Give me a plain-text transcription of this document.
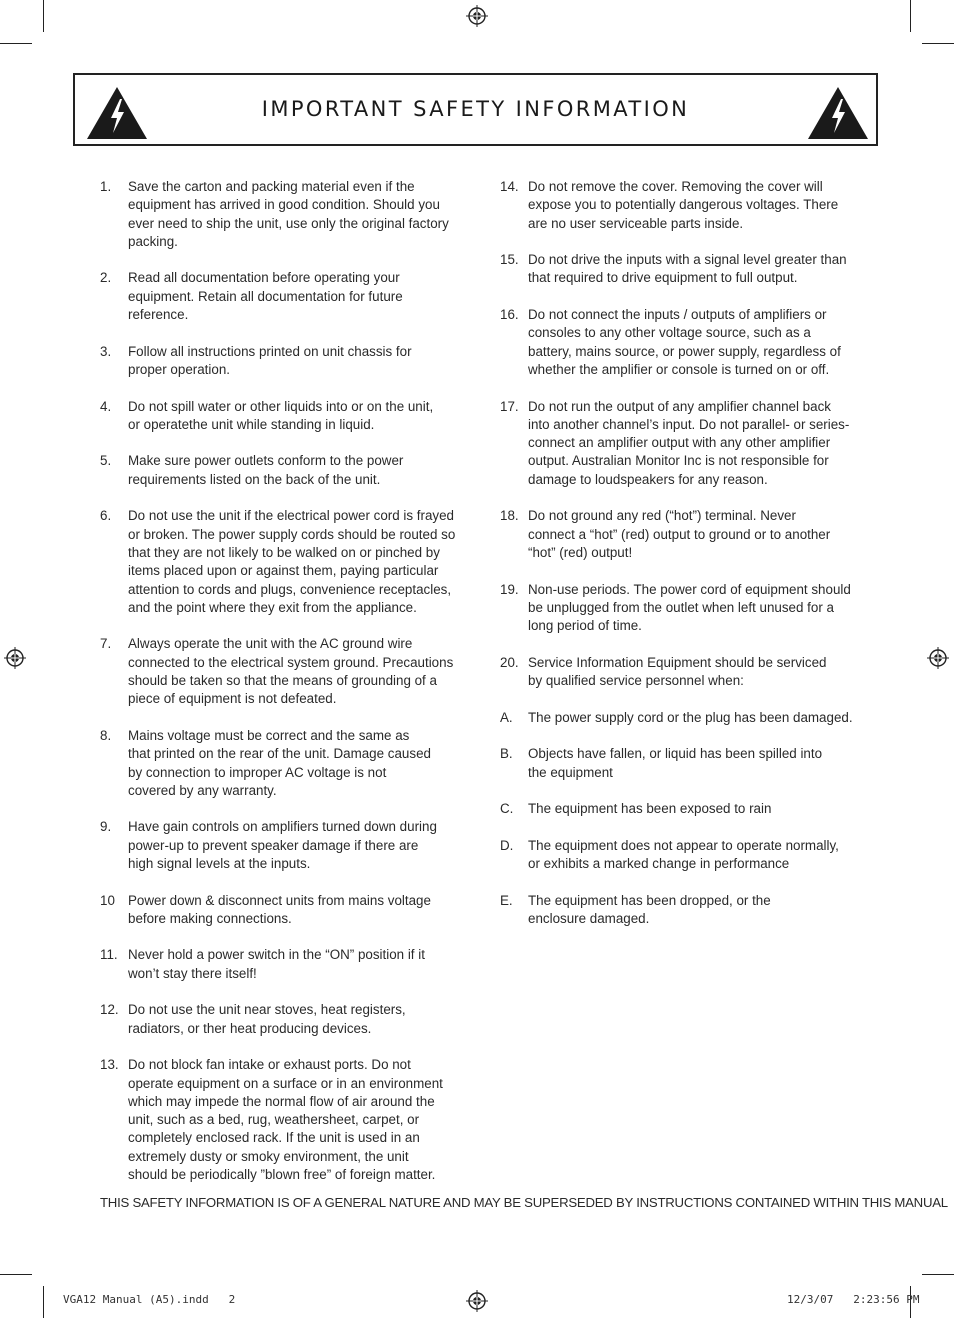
IMPORTANT SAFETY INFORMATION
1. Save the carton and packing material even if the equipment has arrived in good condition. Should you ever need to ship the unit, use only the original factory packing.
2. Read all documentation before operating your equipment. Retain all documentation for future reference.
3. Follow all instructions printed on unit chassis for proper operation.
4. Do not spill water or other liquids into or on the unit, or operatethe unit while standing in liquid.
5. Make sure power outlets conform to the power requirements listed on the back of the unit.
6. Do not use the unit if the electrical power cord is frayed or broken. The power supply cords should be routed so that they are not likely to be walked on or pinched by items placed upon or against them, paying particular attention to cords and plugs, convenience receptacles, and the point where they exit from the appliance.
7. Always operate the unit with the AC ground wire connected to the electrical system ground. Precautions should be taken so that the means of grounding of a piece of equipment is not defeated.
8. Mains voltage must be correct and the same as that printed on the rear of the unit. Damage caused by connection to improper AC voltage is not covered by any warranty.
9. Have gain controls on amplifiers turned down during power-up to prevent speaker damage if there are high signal levels at the inputs.
10 Power down & disconnect units from mains voltage before making connections.
11. Never hold a power switch in the “ON” position if it won’t stay there itself!
12. Do not use the unit near stoves, heat registers, radiators, or ther heat producing devices.
13. Do not block fan intake or exhaust ports. Do not operate equipment on a surface or in an environment which may impede the normal flow of air around the unit, such as a bed, rug, weathersheet, carpet, or completely enclosed rack. If the unit is used in an extremely dusty or smoky environment, the unit should be periodically ”blown free” of foreign matter.
14. Do not remove the cover. Removing the cover will expose you to potentially dangerous voltages. There are no user serviceable parts inside.
15. Do not drive the inputs with a signal level greater than that required to drive equipment to full output.
16. Do not connect the inputs / outputs of amplifiers or consoles to any other voltage source, such as a battery, mains source, or power supply, regardless of whether the amplifier or console is turned on or off.
17. Do not run the output of any amplifier channel back into another channel’s input. Do not parallel- or series-connect an amplifier output with any other amplifier output. Australian Monitor Inc is not responsible for damage to loudspeakers for any reason.
18. Do not ground any red (“hot”) terminal. Never connect a “hot” (red) output to ground or to another “hot” (red) output!
19. Non-use periods. The power cord of equipment should be unplugged from the outlet when left unused for a long period of time.
20. Service Information Equipment should be serviced by qualified service personnel when:
A. The power supply cord or the plug has been damaged.
B. Objects have fallen, or liquid has been spilled into the equipment
C. The equipment has been exposed to rain
D. The equipment does not appear to operate normally, or exhibits a marked change in performance
E. The equipment has been dropped, or the enclosure damaged.
THIS SAFETY INFORMATION IS OF A GENERAL NATURE AND MAY BE SUPERSEDED BY INSTRUCTIONS CONTAINED WITHIN THIS MANUAL
VGA12 Manual (A5).indd   2	12/3/07   2:23:56 PM
